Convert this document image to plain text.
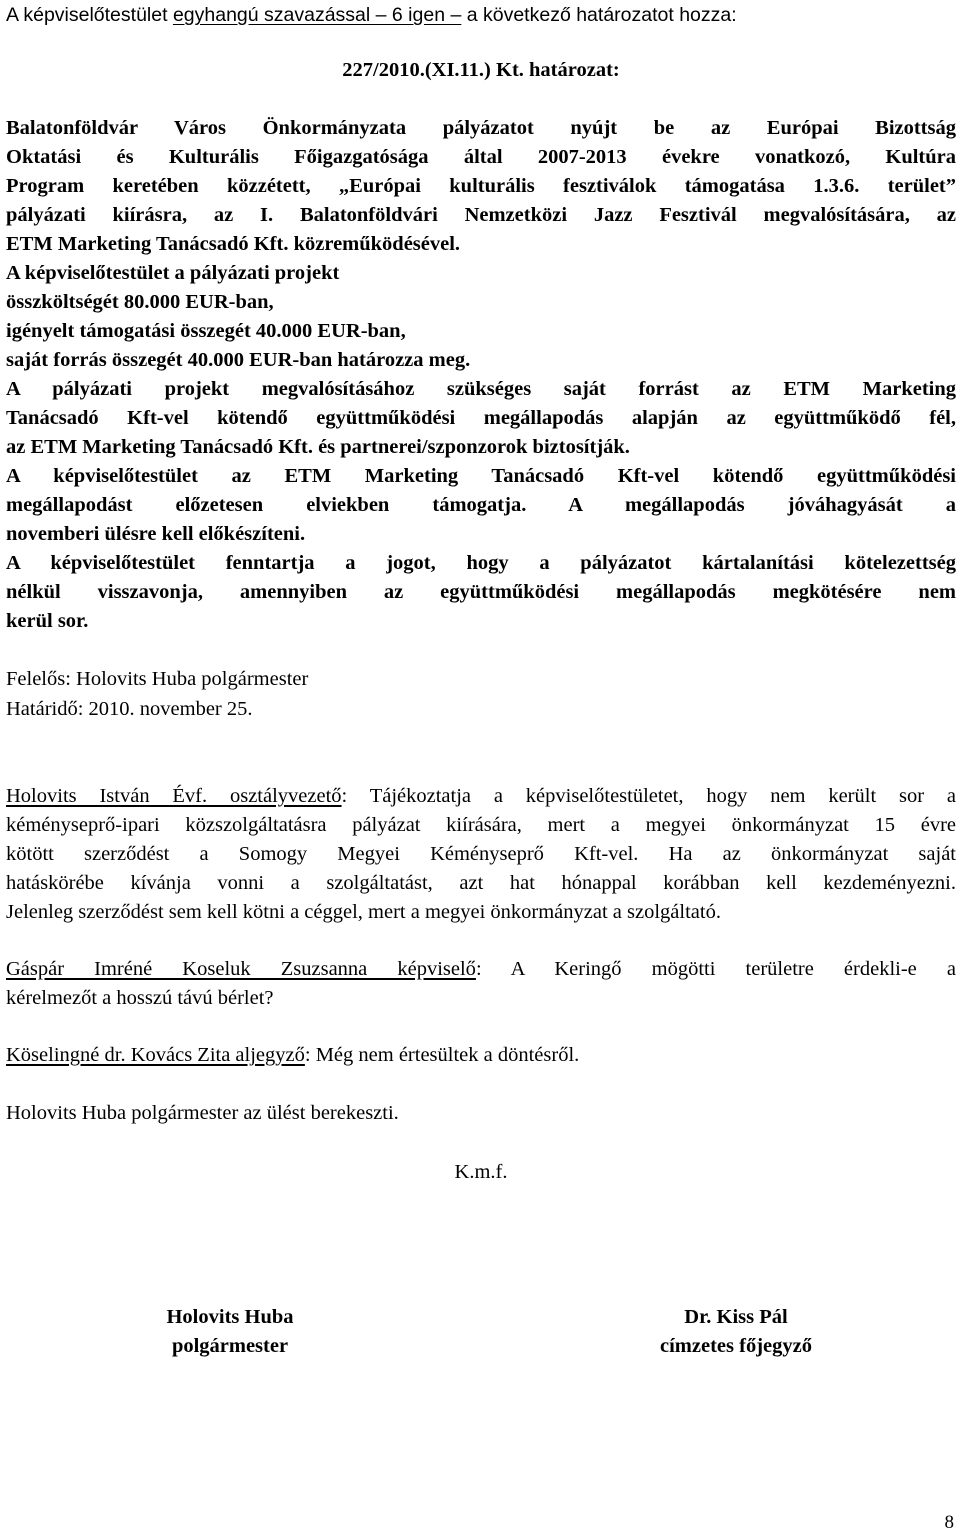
A képviselőtestület egyhangú szavazással – 6 igen – a következő határozatot hozza:
227/2010.(XI.11.) Kt. határozat:
Balatonföldvár Város Önkormányzata pályázatot nyújt be az Európai Bizottság
Oktatási és Kulturális Főigazgatósága által 2007-2013 évekre vonatkozó, Kultúra
Program keretében közzétett, „Európai kulturális fesztiválok támogatása 1.3.6. terület”
pályázati kiírásra, az I. Balatonföldvári Nemzetközi Jazz Fesztivál megvalósítására, az
ETM Marketing Tanácsadó Kft. közreműködésével.
A képviselőtestület a pályázati projekt
összköltségét 80.000 EUR-ban,
igényelt támogatási összegét 40.000 EUR-ban,
saját forrás összegét 40.000 EUR-ban határozza meg.
A pályázati projekt megvalósításához szükséges saját forrást az ETM Marketing
Tanácsadó Kft-vel kötendő együttműködési megállapodás alapján az együttműködő fél,
az ETM Marketing Tanácsadó Kft. és partnerei/szponzorok biztosítják.
A képviselőtestület az ETM Marketing Tanácsadó Kft-vel kötendő együttműködési
megállapodást előzetesen elviekben támogatja. A megállapodás jóváhagyását a
novemberi ülésre kell előkészíteni.
A képviselőtestület fenntartja a jogot, hogy a pályázatot kártalanítási kötelezettség
nélkül visszavonja, amennyiben az együttműködési megállapodás megkötésére nem
kerül sor.
Felelős: Holovits Huba polgármester
Határidő: 2010. november 25.
Holovits István Évf. osztályvezető: Tájékoztatja a képviselőtestületet, hogy nem került sor a
kéményseprő-ipari közszolgáltatásra pályázat kiírására, mert a megyei önkormányzat 15 évre
kötött szerződést a Somogy Megyei Kéményseprő Kft-vel. Ha az önkormányzat saját
hatáskörébe kívánja vonni a szolgáltatást, azt hat hónappal korábban kell kezdeményezni.
Jelenleg szerződést sem kell kötni a céggel, mert a megyei önkormányzat a szolgáltató.
Gáspár Imréné Koseluk Zsuzsanna képviselő: A Keringő mögötti területre érdekli-e a
kérelmezőt a hosszú távú bérlet?
Köselingné dr. Kovács Zita aljegyző: Még nem értesültek a döntésről.
Holovits Huba polgármester az ülést berekeszti.
K.m.f.
Holovits Huba
polgármester
Dr. Kiss Pál
címzetes főjegyző
8
